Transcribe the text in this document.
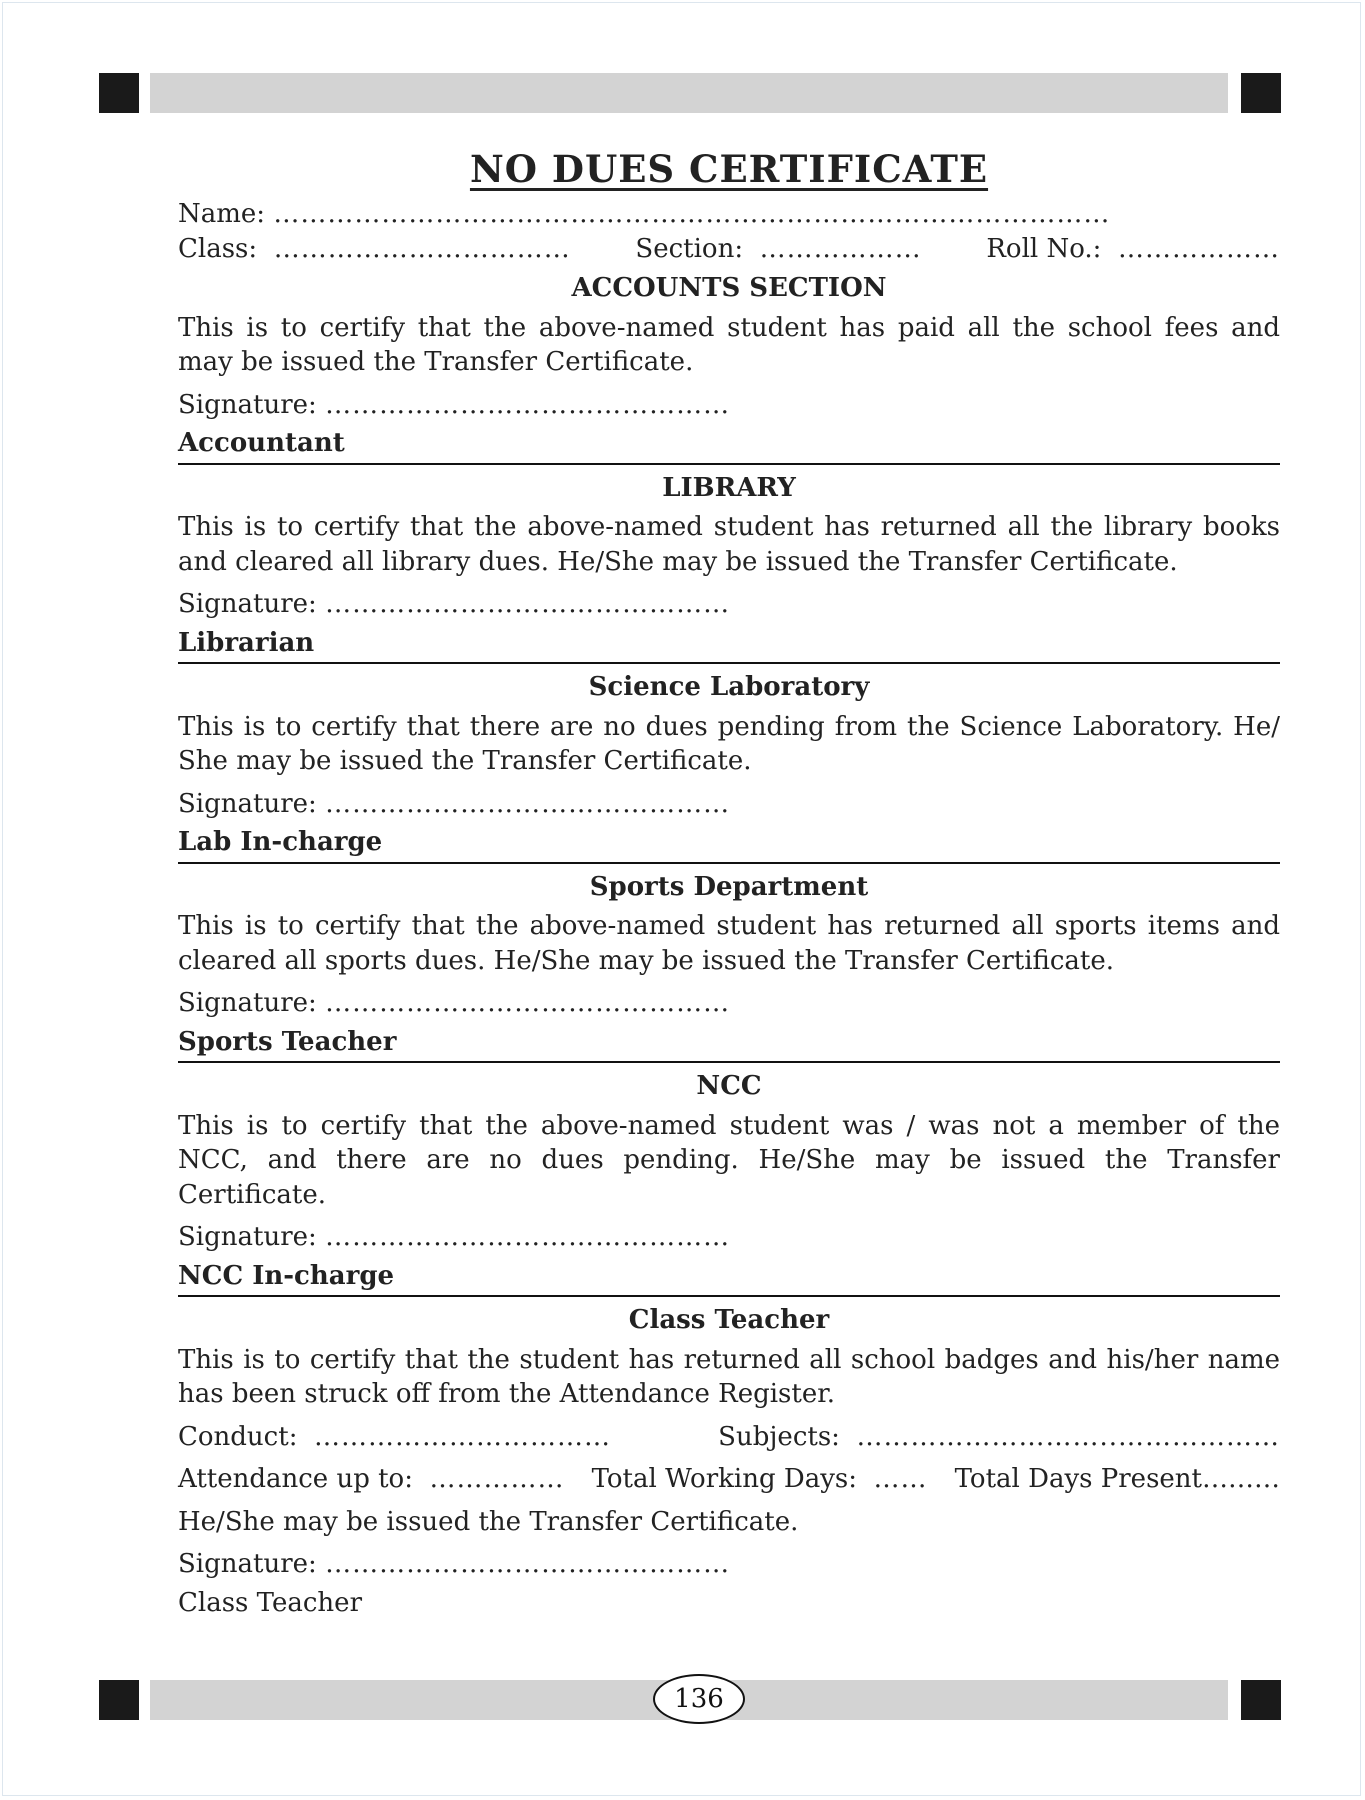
NO DUES CERTIFICATE
Name:
…………………………………………………………………………………
Class: …………………………… Section: ……………… Roll No.: ………………
ACCOUNTS SECTION
This is to certify that the above-named student has paid all the school fees and may be issued the Transfer Certificate.
Signature:
………………………………………
Accountant
LIBRARY
This is to certify that the above-named student has returned all the library books and cleared all library dues. He/She may be issued the Transfer Certificate.
Signature:
………………………………………
Librarian
Science Laboratory
This is to certify that there are no dues pending from the Science Laboratory. He/ She may be issued the Transfer Certificate.
Signature:
………………………………………
Lab In-charge
Sports Department
This is to certify that the above-named student has returned all sports items and cleared all sports dues. He/She may be issued the Transfer Certificate.
Signature:
………………………………………
Sports Teacher
NCC
This is to certify that the above-named student was / was not a member of the NCC, and there are no dues pending. He/She may be issued the Transfer Certificate.
Signature:
………………………………………
NCC In-charge
Class Teacher
This is to certify that the student has returned all school badges and his/her name has been struck off from the Attendance Register.
Conduct: ……………………………	Subjects: ………………………..………………
Attendance up to: …………… Total Working Days: …… Total Days Present………
He/She may be issued the Transfer Certificate.
Signature:
………………………………………
Class Teacher
136
